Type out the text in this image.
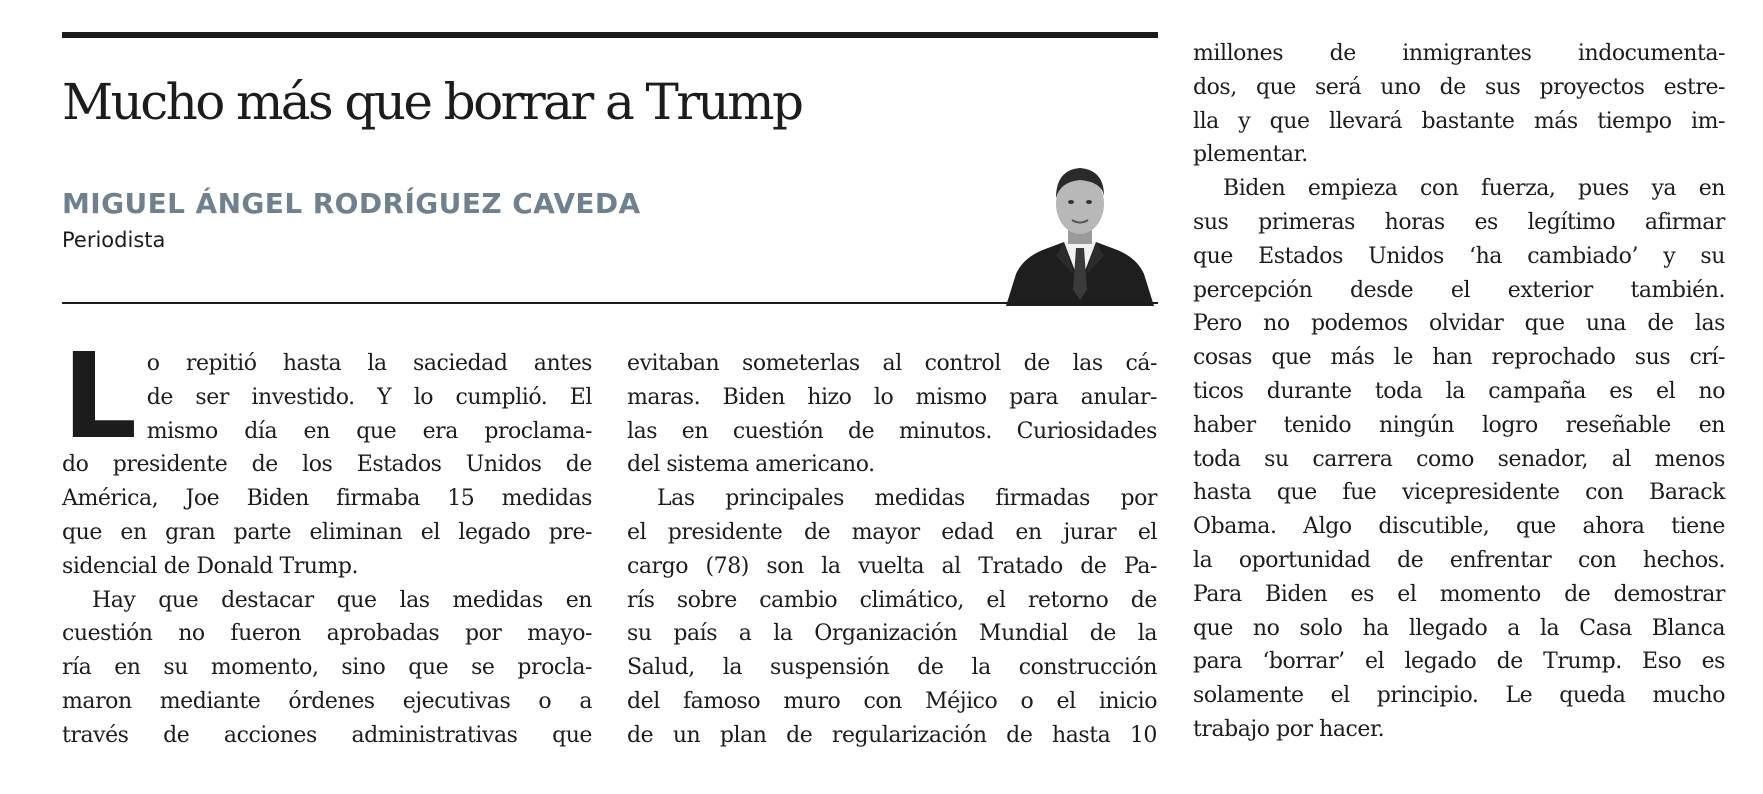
Mucho más que borrar a Trump
MIGUEL ÁNGEL RODRÍGUEZ CAVEDA
Periodista

L o repitió hasta la saciedad antes
de ser investido. Y lo cumplió. El
mismo día en que era proclama-
do presidente de los Estados Unidos de
América, Joe Biden firmaba 15 medidas
que en gran parte eliminan el legado pre-
sidencial de Donald Trump.

Hay que destacar que las medidas en
cuestión no fueron aprobadas por mayo-
ría en su momento, sino que se procla-
maron mediante órdenes ejecutivas o a
través de acciones administrativas que

evitaban someterlas al control de las cá-
maras. Biden hizo lo mismo para anular-
las en cuestión de minutos. Curiosidades
del sistema americano.

Las principales medidas firmadas por
el presidente de mayor edad en jurar el
cargo (78) son la vuelta al Tratado de Pa-
rís sobre cambio climático, el retorno de
su país a la Organización Mundial de la
Salud, la suspensión de la construcción
del famoso muro con Méjico o el inicio
de un plan de regularización de hasta 10

millones de inmigrantes indocumenta-
dos, que será uno de sus proyectos estre-
lla y que llevará bastante más tiempo im-
plementar.

Biden empieza con fuerza, pues ya en
sus primeras horas es legítimo afirmar
que Estados Unidos ‘ha cambiado’ y su
percepción desde el exterior también.
Pero no podemos olvidar que una de las
cosas que más le han reprochado sus crí-
ticos durante toda la campaña es el no
haber tenido ningún logro reseñable en
toda su carrera como senador, al menos
hasta que fue vicepresidente con Barack
Obama. Algo discutible, que ahora tiene
la oportunidad de enfrentar con hechos.
Para Biden es el momento de demostrar
que no solo ha llegado a la Casa Blanca
para ‘borrar’ el legado de Trump. Eso es
solamente el principio. Le queda mucho
trabajo por hacer.
